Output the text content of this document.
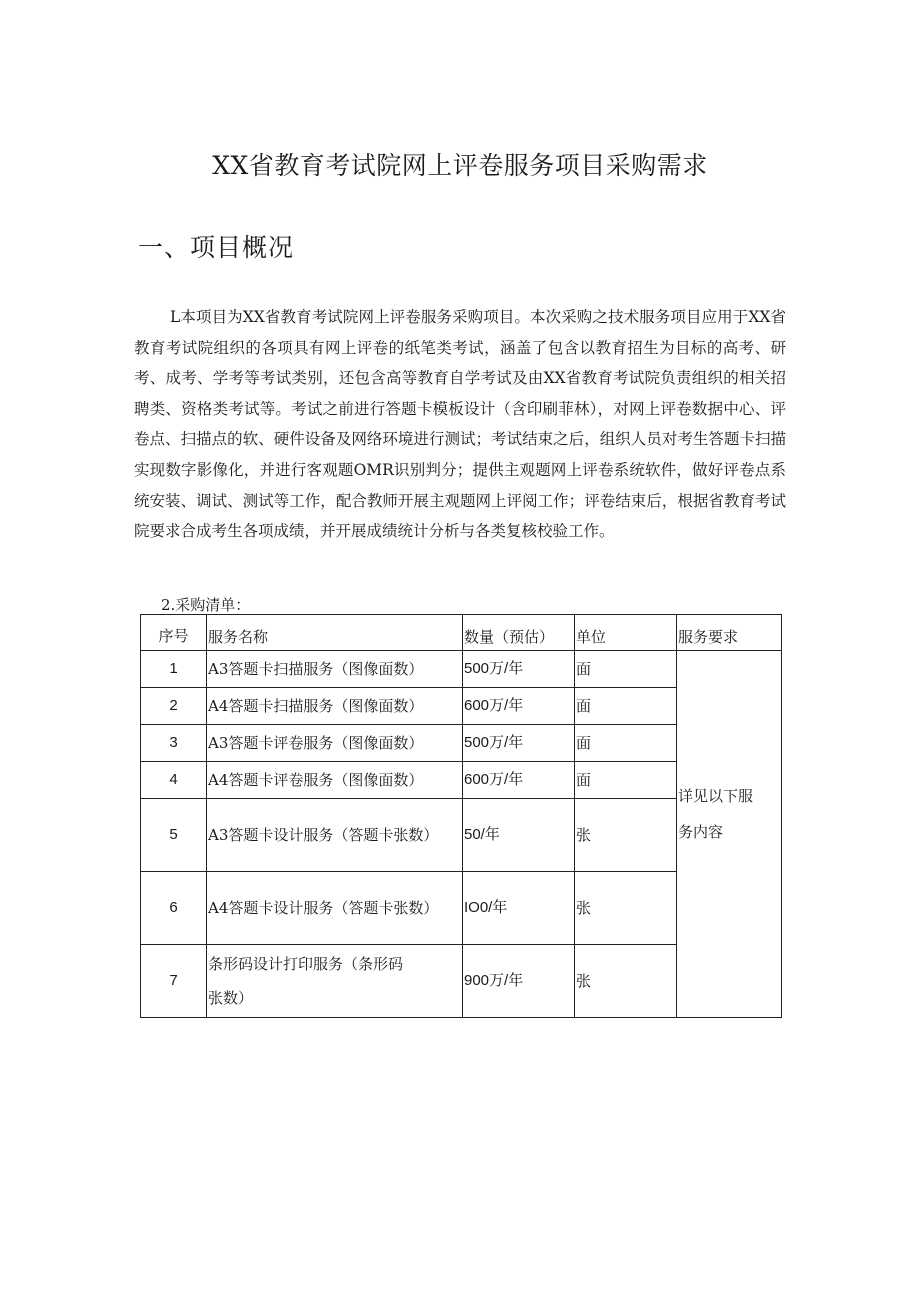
XX省教育考试院网上评卷服务项目采购需求
一、项目概况

L本项目为XX省教育考试院网上评卷服务采购项目。本次采购之技术服务项目应用于XX省教育考试院组织的各项具有网上评卷的纸笔类考试，涵盖了包含以教育招生为目标的高考、研考、成考、学考等考试类别，还包含高等教育自学考试及由XX省教育考试院负责组织的相关招聘类、资格类考试等。考试之前进行答题卡模板设计（含印刷菲林），对网上评卷数据中心、评卷点、扫描点的软、硬件设备及网络环境进行测试；考试结束之后，组织人员对考生答题卡扫描实现数字影像化，并进行客观题OMR识别判分；提供主观题网上评卷系统软件，做好评卷点系统安装、调试、测试等工作，配合教师开展主观题网上评阅工作；评卷结束后，根据省教育考试院要求合成考生各项成绩，并开展成绩统计分析与各类复核校验工作。

2.采购清单：
序号	服务名称	数量（预估）	单位	服务要求
1	A3答题卡扫描服务（图像面数）	500万/年	面	详见以下服务内容

2	A4答题卡扫描服务（图像面数）	600万/年	面	
3	A3答题卡评卷服务（图像面数）	500万/年	面	
4	A4答题卡评卷服务（图像面数）	600万/年	面	
5	A3答题卡设计服务（答题卡张数）	50/年	张	
6	A4答题卡设计服务（答题卡张数）	IO0/年	张	
7	条形码设计打印服务（条形码张数）	900万/年	张	
